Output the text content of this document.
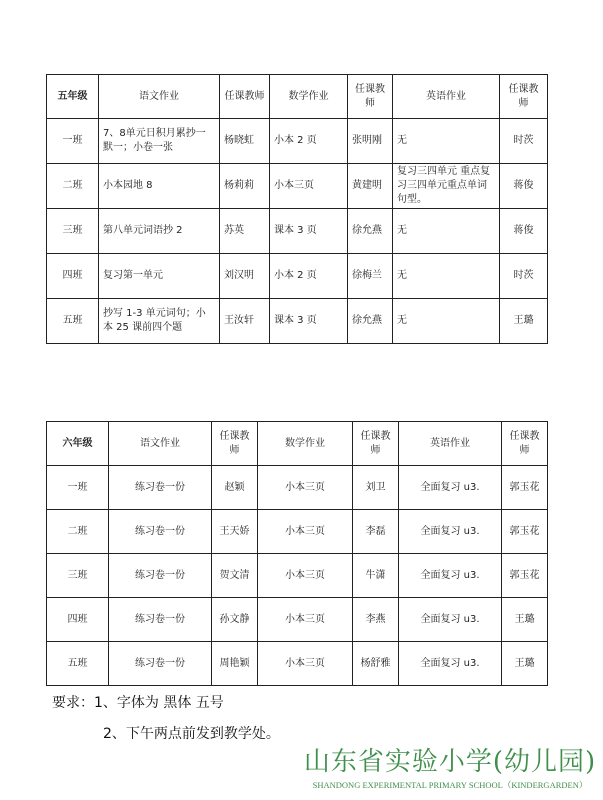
五年级	语文作业	任课教师	数学作业	任课教师	英语作业	任课教师
一班	7、8单元日积月累抄一默一；小卷一张	杨晓虹	小本 2 页	张明刚	无	时茨
二班	小本园地 8	杨莉莉	小本三页	黄建明	复习三四单元 重点复习三四单元重点单词句型。	蒋俊
三班	第八单元词语抄 2	苏英	课本 3 页	徐允燕	无	蒋俊
四班	复习第一单元	刘汉明	小本 2 页	徐梅兰	无	时茨
五班	抄写 1-3 单元词句；小本 25 课前四个题	王汝轩	课本 3 页	徐允燕	无	王璐
六年级	语文作业	任课教师	数学作业	任课教师	英语作业	任课教师
一班	练习卷一份	赵颖	小本三页	刘卫	全面复习 u3.	郭玉花
二班	练习卷一份	王天娇	小本三页	李磊	全面复习 u3.	郭玉花
三班	练习卷一份	贺文清	小本三页	牛潇	全面复习 u3.	郭玉花
四班	练习卷一份	孙文静	小本三页	李燕	全面复习 u3.	王璐
五班	练习卷一份	周艳颖	小本三页	杨舒雅	全面复习 u3.	王璐
要求：1、字体为 黑体 五号
2、下午两点前发到教学处。
山东省实验小学(幼儿园)
SHANDONG EXPERIMENTAL PRIMARY SCHOOL（KINDERGARDEN）
